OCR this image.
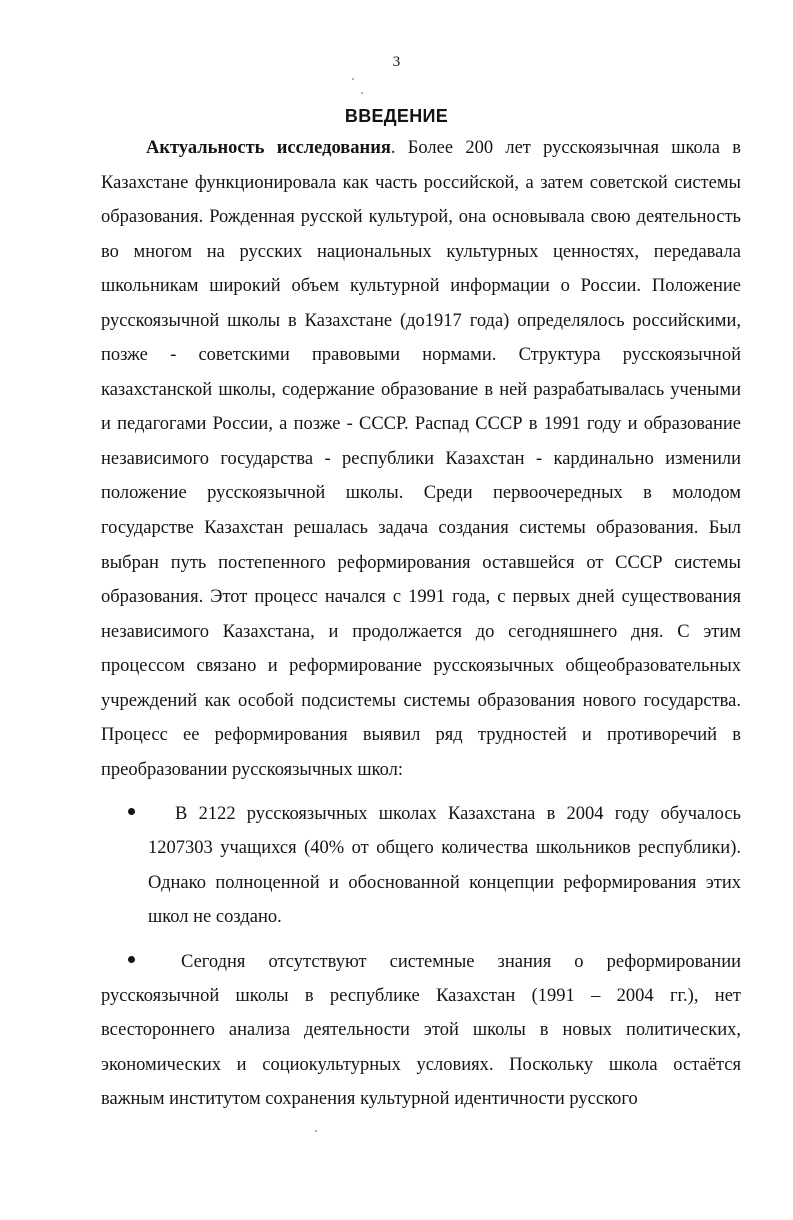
3
ВВЕДЕНИЕ

Актуальность исследования. Более 200 лет русскоязычная школа в Казахстане функционировала как часть российской, а затем советской системы образования. Рожденная русской культурой, она основывала свою деятельность во многом на русских национальных культурных ценностях, передавала школьникам широкий объем культурной информации о России. Положение русскоязычной школы в Казахстане (до1917 года) определялось российскими, позже - советскими правовыми нормами. Структура русскоязычной казахстанской школы, содержание образование в ней разрабатывалась учеными и педагогами России, а позже - СССР. Распад СССР в 1991 году и образование независимого государства - республики Казахстан - кардинально изменили положение русскоязычной школы. Среди первоочередных в молодом государстве Казахстан решалась задача создания системы образования. Был выбран путь постепенного реформирования оставшейся от СССР системы образования. Этот процесс начался с 1991 года, с первых дней существования независимого Казахстана, и продолжается до сегодняшнего дня. С этим процессом связано и реформирование русскоязычных общеобразовательных учреждений как особой подсистемы системы образования нового государства. Процесс ее реформирования выявил ряд трудностей и противоречий в преобразовании русскоязычных школ:

В 2122 русскоязычных школах Казахстана в 2004 году обучалось 1207303 учащихся (40% от общего количества школьников республики). Однако полноценной и обоснованной концепции реформирования этих школ не создано.
Сегодня отсутствуют системные знания о реформировании русскоязычной школы в республике Казахстан (1991 – 2004 гг.), нет всестороннего анализа деятельности этой школы в новых политических, экономических и социокультурных условиях. Поскольку школа остаётся важным институтом сохранения культурной идентичности русского
